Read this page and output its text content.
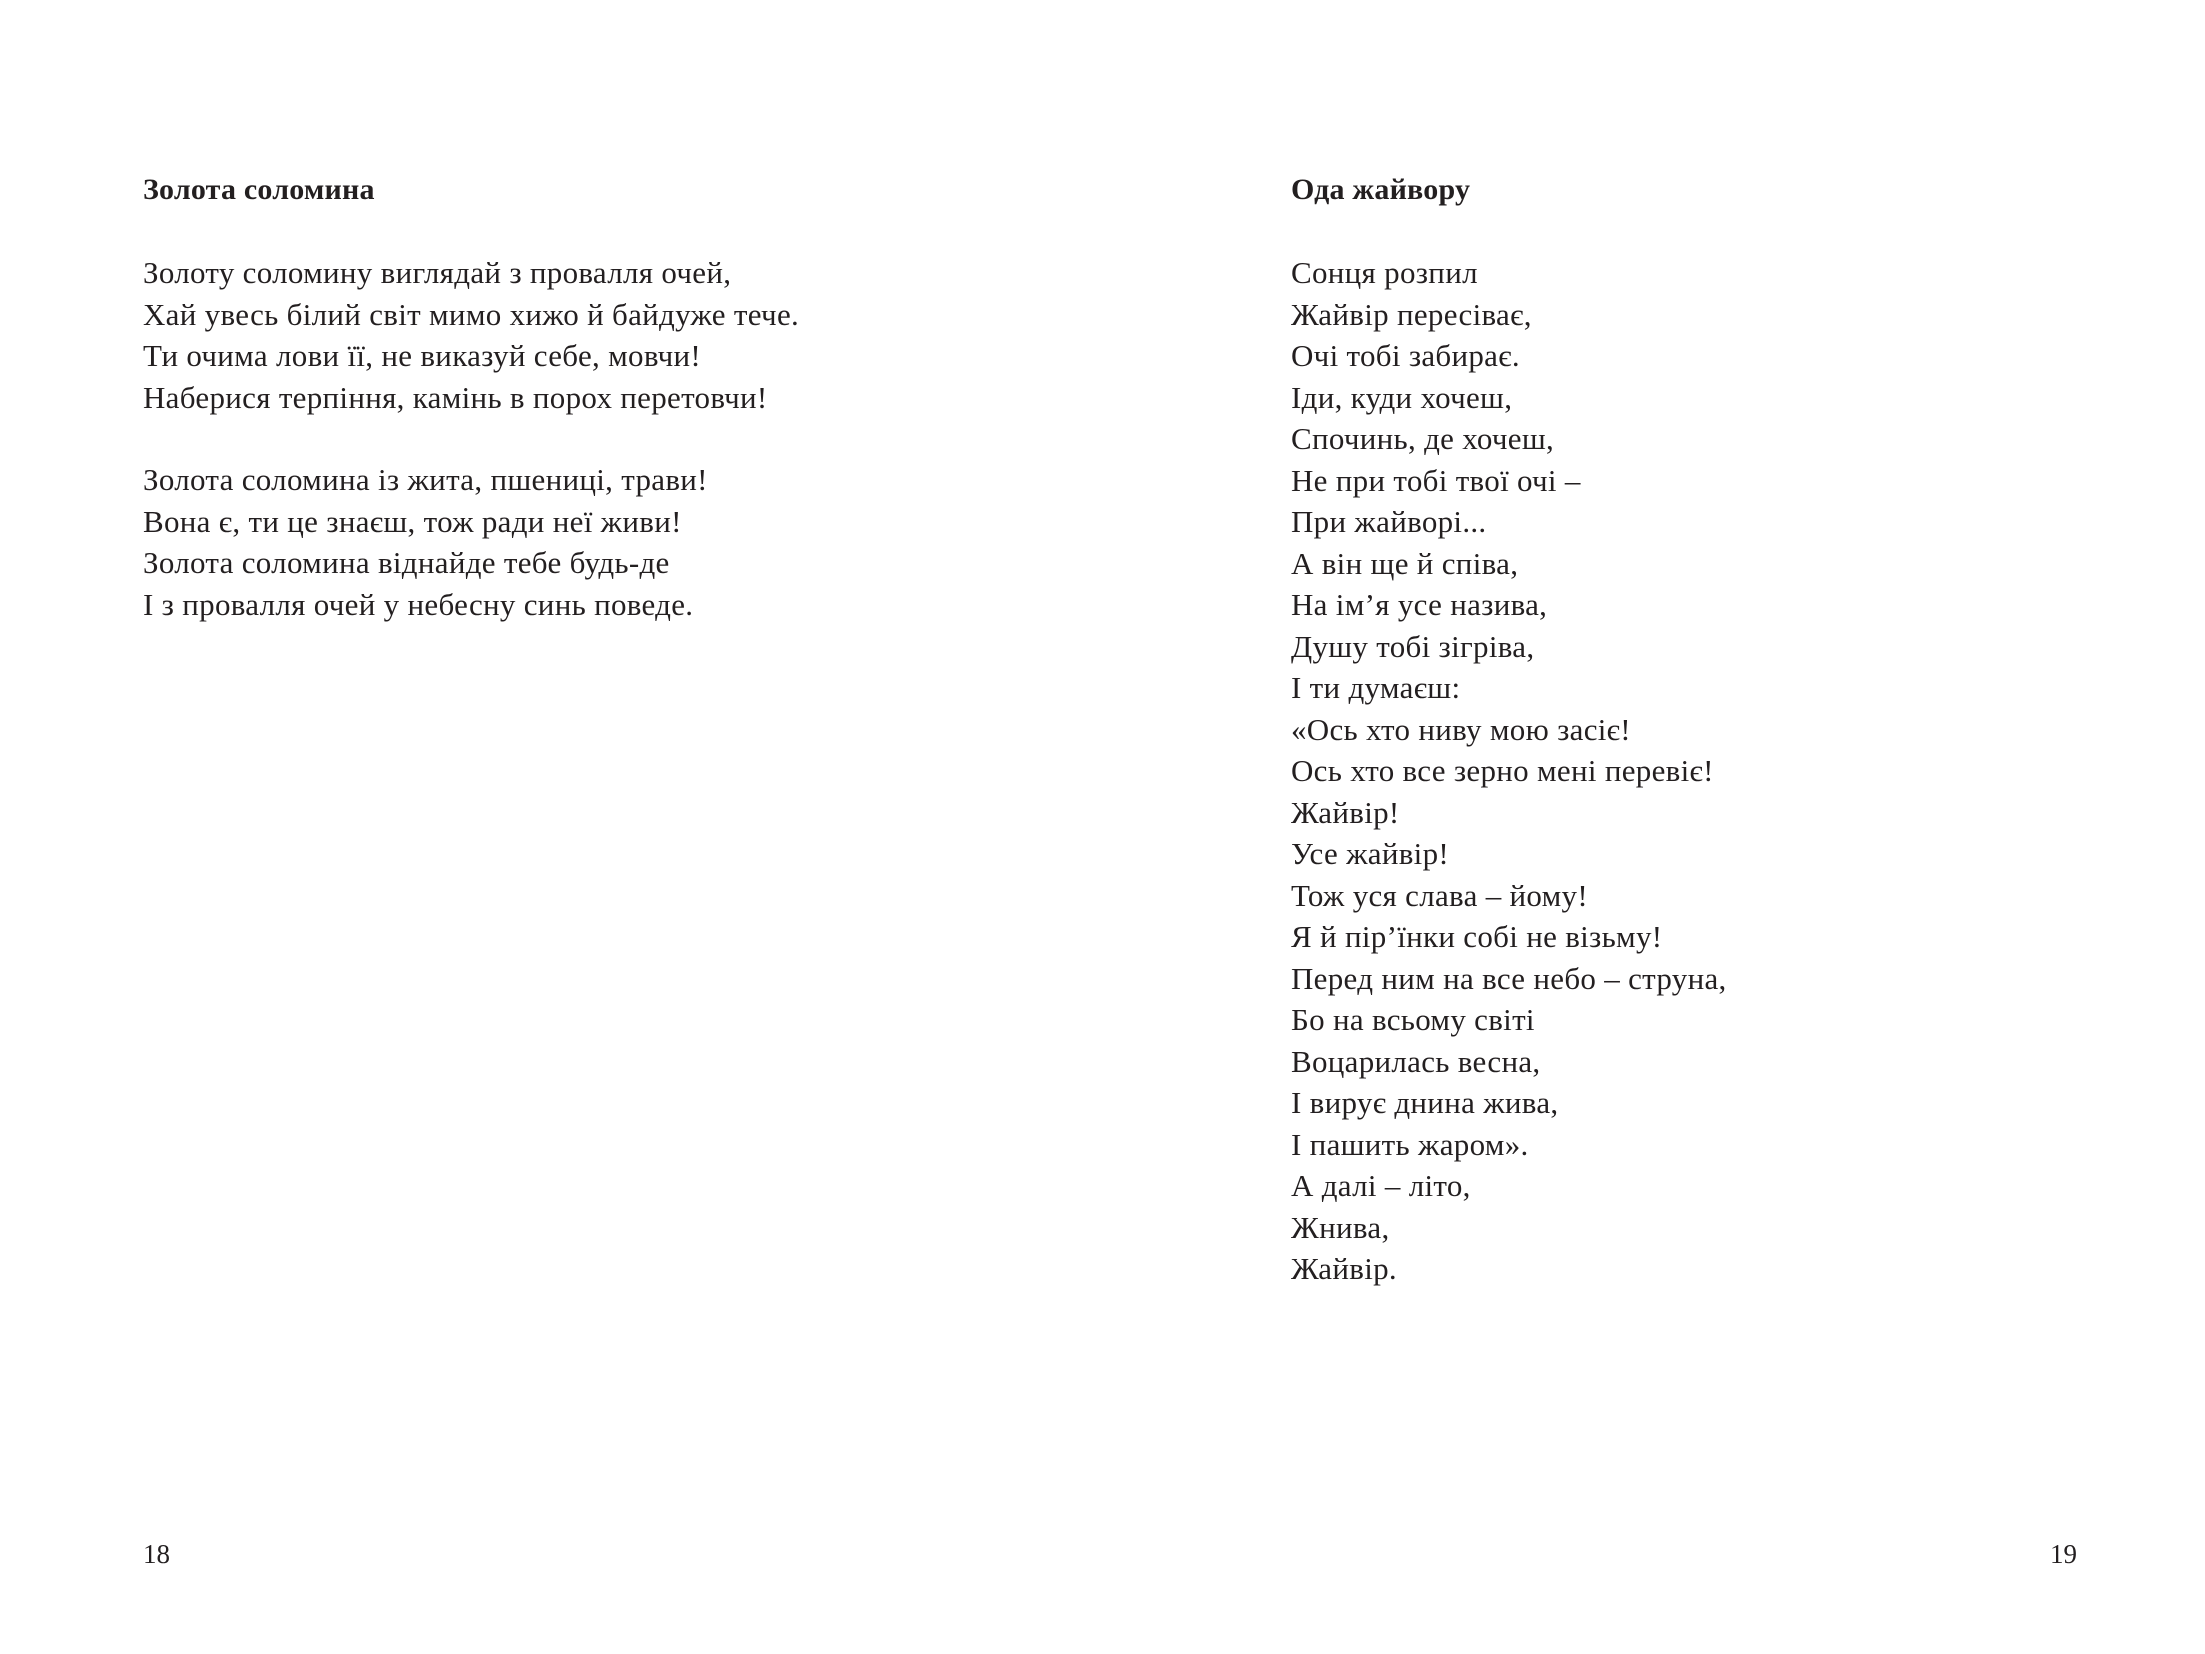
Золота соломина
Золоту соломину виглядай з провалля очей,
Хай увесь білий світ мимо хижо й байдуже тече.
Ти очима лови її, не виказуй себе, мовчи!
Наберися терпіння, камінь в порох перетовчи!
Золота соломина із жита, пшениці, трави!
Вона є, ти це знаєш, тож ради неї живи!
Золота соломина віднайде тебе будь-де
І з провалля очей у небесну синь поведе.
18
Ода жайвору
Сонця розпил
Жайвір пересіває,
Очі тобі забирає.
Іди, куди хочеш,
Спочинь, де хочеш,
Не при тобі твої очі –
При жайворі...
А він ще й співа,
На ім’я усе назива,
Душу тобі зігріва,
І ти думаєш:
«Ось хто ниву мою засіє!
Ось хто все зерно мені перевіє!
Жайвір!
Усе жайвір!
Тож уся слава – йому!
Я й пір’їнки собі не візьму!
Перед ним на все небо – струна,
Бо на всьому світі
Воцарилась весна,
І вирує днина жива,
І пашить жаром».
А далі – літо,
Жнива,
Жайвір.
19
